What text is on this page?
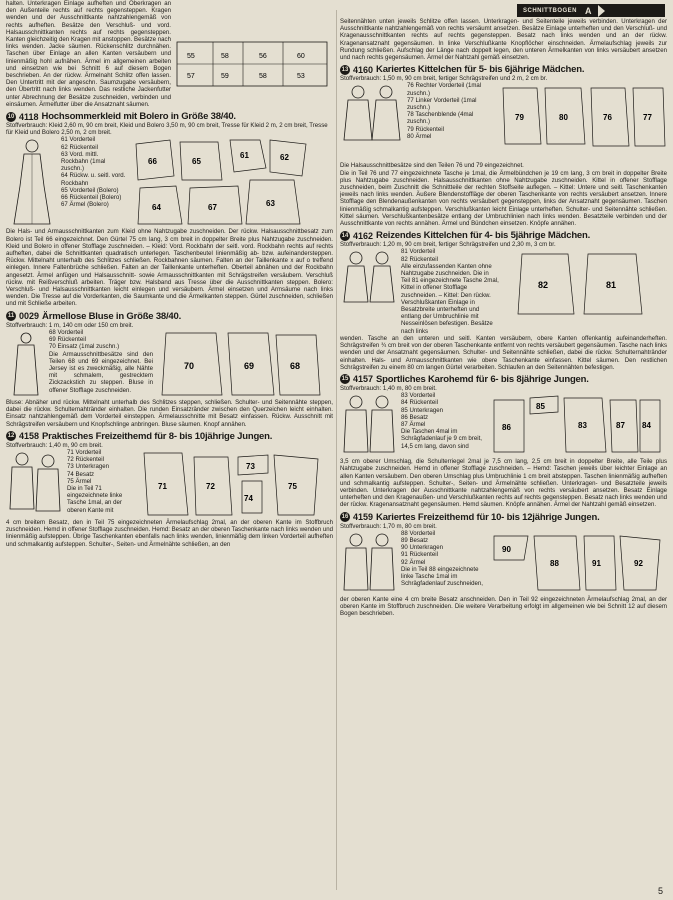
SCHNITTBOGEN A

halten. Unterkragen Einlage aufheften und Oberkragen an den Außenteile rechts auf rechts gegensteppen. Kragen wenden und der Ausschnittkante nahtzahlengemäß von rechts aufheften. Besätze den Verschluß- und vord. Halsausschnittkanten rechts auf rechts gegensteppen. Kanten gleichzeitig den Kragen mit anstoppen. Besätze nach links wenden. Jacke säumen. Rückenschlitz durchnähen. Taschen über Einlage an allen Kanten versäubern und linienmäßig hohl aufnähen. Ärmel im allgemeinen arbeiten und einsetzen wie bei Schnitt 6 auf diesem Bogen beschrieben. An der rückw. Ärmelnaht Schlitz offen lassen. Den Untertritt mit der angeschn. Saumzugabe versäubern, den Übertritt nach links wenden. Das restliche Jackenfutter unter Abrechnung der Besätze zuschneiden, verbinden und einsäumen. Ärmelfutter über die Ansatznaht säumen.

55	58	56	60
57	59	58	53
10 4118 Hochsommerkleid mit Bolero in Größe 38/40.

Stoffverbrauch: Kleid 2,60 m, 90 cm breit, Kleid und Bolero 3,50 m, 90 cm breit, Tresse für Kleid 2 m, 2 cm breit, Tresse für Kleid und Bolero 2,50 m, 2 cm breit.

61 Vorderteil
62 Rückenteil
63 Vord. mittl. Rockbahn (1mal zuschn.)
64 Rückw. u. seitl. vord. Rockbahn
65 Vorderteil (Bolero)
66 Rückenteil (Bolero)
67 Ärmel (Bolero)
66	65
61	62
64	67	63

Die Hals- und Armausschnittkanten zum Kleid ohne Nahtzugabe zuschneiden. Der rückw. Halsausschnittbesatz zum Bolero ist Teil 66 eingezeichnet. Den Gürtel 75 cm lang, 3 cm breit in doppelter Breite plus Nahtzugabe zuschneiden. Kleid und Bolero in offener Stofflage zuschneiden. – Kleid: Vord. Rockbahn der seitl. vord. Rockbahn rechts auf rechts aufheften, dabei die Schnittkanten quadratisch unterlegen. Taschenbeutel linienmäßig ab- bzw. aufeinandersteppen. Rückw. Mittelnaht unterhalb des Schlitzes schließen. Rockbahnen säumen. Falten an der Taillenkante x auf o treffend einlegen. Innere Faltenbrüche schließen. Falten an der Taillenkante unterheften. Oberteil abnähen und der Rockbahn angesetzt. Ärmel anfügen und Halsausschnitt- sowie Armausschnittkanten mit Schrägstreifen versäubern. Verschluß rückw. mit Reißverschluß arbeiten. Träger bzw. Halsband aus Tresse über die Ausschnittkanten steppen. Bolero: Verschluß- und Halsausschnittkanten leicht einlegen und versäubern. Ärmel einsetzen und Armsäume nach links wenden. Die Tresse auf die Vorderkanten, die Saumkante und die Ärmelkanten steppen. Gürtel zuschneiden, schließen und mit Schließe arbeiten.

11 0029 Ärmellose Bluse in Größe 38/40.

Stoffverbrauch: 1 m, 140 cm oder 150 cm breit.

68 Vorderteil
69 Rückenteil
70 Einsatz (1mal zuschn.)

Die Armausschnittbesätze sind den Teilen 68 und 69 eingezeichnet. Bei Jersey ist es zweckmäßig, alle Nähte mit schmalem, gestrecktem Zickzackstich zu steppen. Bluse in offener Stofflage zuschneiden.

70	69	68

Bluse: Abnäher und rückw. Mittelnaht unterhalb des Schlitzes steppen, schließen. Schulter- und Seitennähte steppen, dabei die rückw. Schulternahtränder einhalten. Die runden Einsatzränder zwischen den Querzeichen leicht einhalten. Einsatz nahtzahlengemäß dem Vorderteil einsteppen. Ärmelausschnitte mit Besatz einfassen. Rückw. Ausschnitt mit Schrägstreifen versäubern und Knopfschlinge anbringen. Bluse säumen. Knopf annähen.

12 4158 Praktisches Freizeithemd für 8- bis 10jährige Jungen.

Stoffverbrauch: 1,40 m, 90 cm breit.

71 Vorderteil
72 Rückenteil
73 Unterkragen
74 Besatz
75 Ärmel
Die in Teil 71 eingezeichnete linke Tasche 1mal, an der oberen Kante mit
71	72
73
74
75

4 cm breitem Besatz, den in Teil 75 eingezeichneten Ärmelaufschlag 2mal, an der oberen Kante im Stoffbruch zuschneiden. Hemd in offener Stofflage zuschneiden. Hemd: Besatz an der oberen Taschenkante nach links wenden und linienmäßig aufsteppen. Übrige Taschenkanten ebenfalls nach links wenden, linienmäßig dem linken Vorderteil aufheften und schmalkantig aufsteppen. Schulter-, Seiten- und Ärmelnähte schließen, an den

Seitennähten unten jeweils Schlitze offen lassen. Unterkragen- und Seitenteile jeweils verbinden. Unterkragen der Ausschnittkante nahtzahlengemäß von rechts versäumt ansetzen. Besätze Einlage unterheften und den Verschluß- und Kragenausschnittkanten rechts auf rechts gegensteppen. Besatz nach links wenden und an der rückw. Kragenansatznaht gegensäumen. In linke Verschlußkante Knopflöcher einschneiden. Ärmelaufschlag jeweils zur Rundung schließen. Aufschlag der Länge nach doppelt legen, den unteren Ärmelkanten von links versäubert ansetzen und nach rechts gegensäumen. Ärmel der Nahtzahl gemäß einsetzen.

13 4160 Kariertes Kittelchen für 5- bis 6jährige Mädchen.

Stoffverbrauch: 1,50 m, 90 cm breit, fertiger Schrägstreifen und 2 m, 2 cm br.

76 Rechter Vorderteil (1mal zuschn.)
77 Linker Vorderteil (1mal zuschn.)
78 Taschenblende (4mal zuschn.)
79 Rückenteil
80 Ärmel
79	80	76	77

Die Halsausschnittbesätze sind den Teilen 76 und 79 eingezeichnet.

Die in Teil 76 und 77 eingezeichnete Tasche je 1mal, die Ärmelbündchen je 19 cm lang, 3 cm breit in doppelter Breite plus Nahtzugabe zuschneiden. Halsausschnittkanten ohne Nahtzugabe zuschneiden. Kittel in offener Stofflage zuschneiden, beim Zuschnitt die Schnittteile der rechten Stoffseite auflegen. – Kittel: Untere und seitl. Taschenkanten jeweils nach links wenden. Äußere Blendenstoffläge der oberen Taschenkante von rechts versäubert ansetzen. Innere Stofflage den Blendenaußenkanten von rechts versäubert gegensteppen, links der Ansatznaht gegensäumen. Taschen linienmäßig schmalkantig aufsteppen. Verschlußkanten leicht Einlage unterheften. Schulter- und Seitennähte schließen. Kittel säumen. Verschlußkantenbesätze entlang der Umbruchlinien nach links wenden. Besatzteile verbinden und der Ausschnittkante von rechts annähen. Ärmel und Bündchen einsetzen. Knöpfe annähen.

14 4162 Reizendes Kittelchen für 4- bis 5jährige Mädchen.

Stoffverbrauch: 1,20 m, 90 cm breit, fertiger Schrägstreifen und 2,30 m, 3 cm br.

81 Vorderteil
82 Rückenteil
Alle einzufassenden Kanten ohne Nahtzugabe zuschneiden. Die in Teil 81 eingezeichnete Tasche 2mal, Kittel in offener Stofflage zuschneiden. – Kittel: Den rückw. Verschlußkanten Einlage in Besatzbreite unterheften und entlang der Umbruchlinie mit Nesseinlösen befestigen. Besätze nach links
82	81

wenden. Tasche an den unteren und seitl. Kanten versäubern, obere Kanten offenkantig aufeinanderheften. Schrägstreifen ¾ cm breit von der oberen Taschenkante entfernt von rechts versäubert gegensäumen. Tasche nach links wenden und der Ansatznaht gegensäumen. Schulter- und Seitennähte schließen, dabei die rückw. Schulternahtränder einhalten. Hals- und Armausschnittkanten wie obere Taschenkante einfassen. Kittel säumen. Den restlichen Schrägstreifen zu einem 80 cm langen Gürtel verarbeiten. Schlaufen an den Seitennähten befestigen.

15 4157 Sportliches Karohemd für 6- bis 8jährige Jungen.

Stoffverbrauch: 1,40 m, 80 cm breit.

83 Vorderteil
84 Rückenteil
85 Unterkragen
86 Besatz
87 Ärmel
Die Taschen 4mal im Schrägfadenlauf je 9 cm breit, 14,5 cm lang, davon sind
86
85
83	87 84

3,5 cm oberer Umschlag, die Schulterriegel 2mal je 7,5 cm lang, 2,5 cm breit in doppelter Breite, alle Teile plus Nahtzugabe zuschneiden. Hemd in offener Stofflage zuschneiden. – Hemd: Taschen jeweils über leichter Einlage an allen Kanten versäubern. Den oberen Umschlag plus Umbruchlinie 1 cm breit absteppen. Taschen linienmäßig aufheften und schmalkantig aufsteppen. Schulter-, Seiten- und Ärmelnähte schließen. Unterkragen- und Besatzteile jeweils verbinden. Unterkragen der Ausschnittkante nahtzahlengemäß von rechts versäubert ansetzen. Besatz Einlage unterheften und den Kragenaußen- und Verschlußkanten rechts auf rechts gegensteppen. Besatz nach links wenden und der rückw. Kragenansatznaht gegensäumen. Hemd säumen. Knöpfe annähen. Ärmel der Nahtzahl gemäß einsetzen.

16 4159 Kariertes Freizeithemd für 10- bis 12jährige Jungen.

Stoffverbrauch: 1,70 m, 80 cm breit.

88 Vorderteil
89 Besatz
90 Unterkragen
91 Rückenteil
92 Ärmel
Die in Teil 88 eingezeichnete linke Tasche 1mal im Schrägfadenlauf zuschneiden,
90
88	91	92

der oberen Kante eine 4 cm breite Besatz anschneiden. Den in Teil 92 eingezeichneten Ärmelaufschlag 2mal, an der oberen Kante im Stoffbruch zuschneiden. Die weitere Verarbeitung erfolgt im allgemeinen wie bei Schnitt 12 auf diesem Bogen beschrieben.

5
